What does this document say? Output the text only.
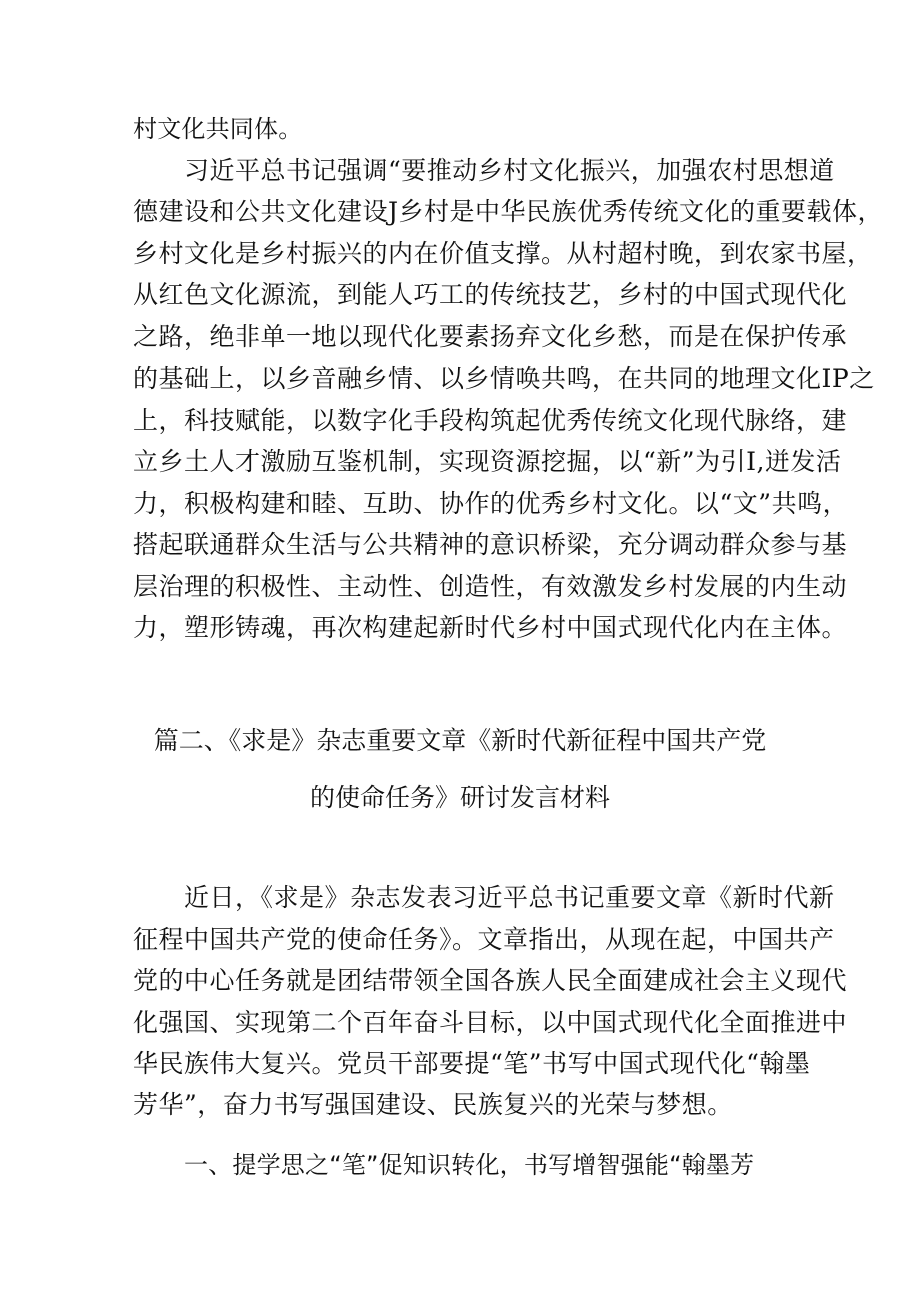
村文化共同体。
习近平总书记强调“要推动乡村文化振兴，加强农村思想道
德建设和公共文化建设J乡村是中华民族优秀传统文化的重要载体，
乡村文化是乡村振兴的内在价值支撑。从村超村晚，到农家书屋，
从红色文化源流，到能人巧工的传统技艺，乡村的中国式现代化
之路，绝非单一地以现代化要素扬弃文化乡愁，而是在保护传承
的基础上，以乡音融乡情、以乡情唤共鸣，在共同的地理文化IP之
上，科技赋能，以数字化手段构筑起优秀传统文化现代脉络，建
立乡土人才激励互鉴机制，实现资源挖掘，以“新”为引I,迸发活
力，积极构建和睦、互助、协作的优秀乡村文化。以“文”共鸣，
搭起联通群众生活与公共精神的意识桥梁，充分调动群众参与基
层治理的积极性、主动性、创造性，有效激发乡村发展的内生动
力，塑形铸魂，再次构建起新时代乡村中国式现代化内在主体。
篇二、《求是》杂志重要文章《新时代新征程中国共产党
的使命任务》研讨发言材料
近日，《求是》杂志发表习近平总书记重要文章《新时代新
征程中国共产党的使命任务》。文章指出，从现在起，中国共产
党的中心任务就是团结带领全国各族人民全面建成社会主义现代
化强国、实现第二个百年奋斗目标，以中国式现代化全面推进中
华民族伟大复兴。党员干部要提“笔”书写中国式现代化“翰墨
芳华”，奋力书写强国建设、民族复兴的光荣与梦想。
一、提学思之“笔”促知识转化，书写增智强能“翰墨芳
